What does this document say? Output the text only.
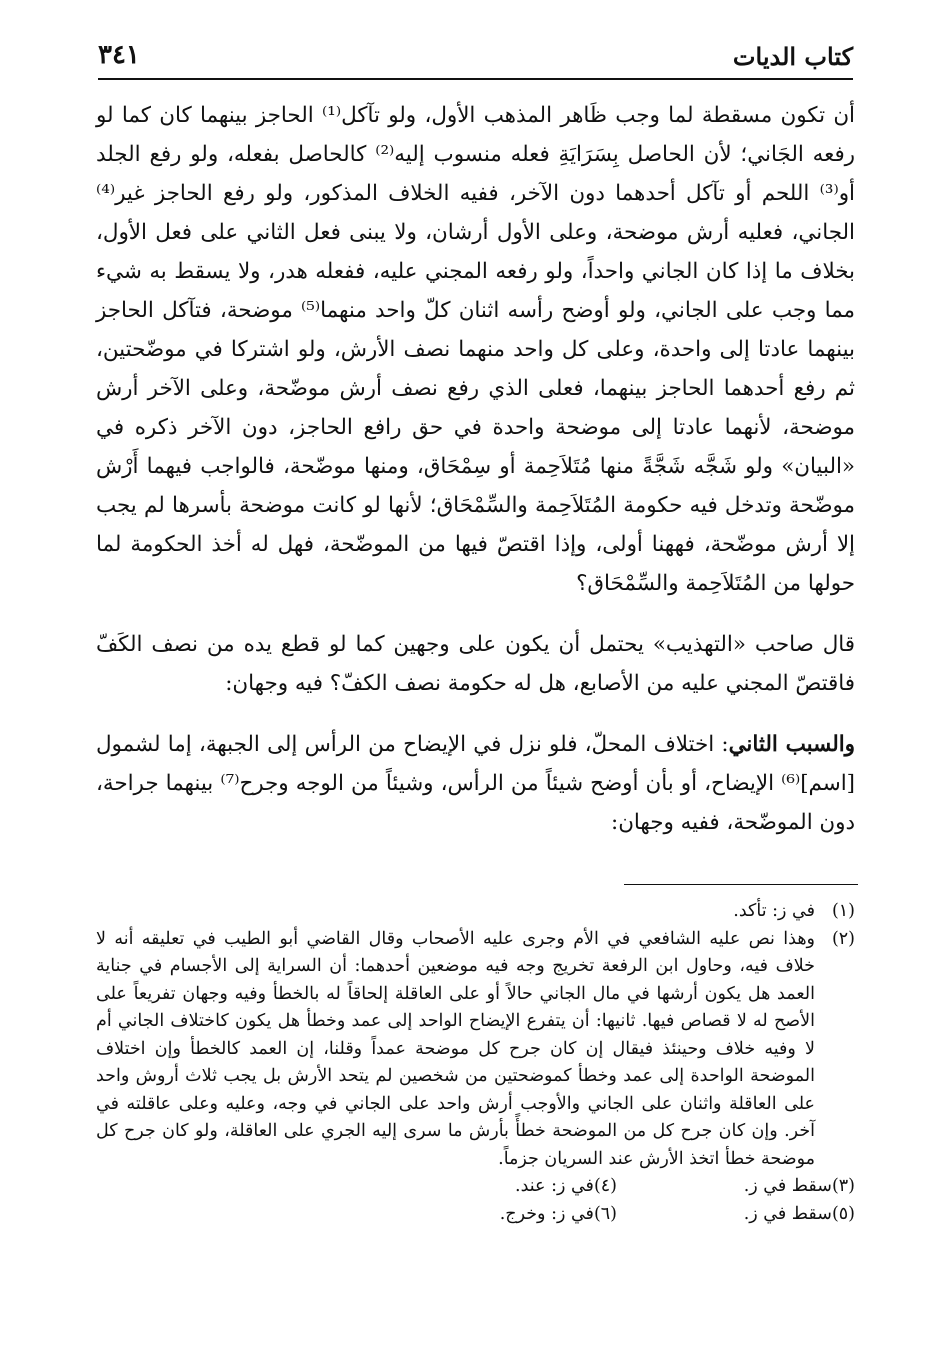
كتاب الديات
٣٤١

أن تكون مسقطة لما وجب ظَاهر المذهب الأول، ولو تآكل⁽¹⁾ الحاجز بينهما كان كما لو رفعه الجَاني؛ لأن الحاصل بِسَرَايَةِ فعله منسوب إليه⁽²⁾ كالحاصل بفعله، ولو رفع الجلد أو⁽³⁾ اللحم أو تآكل أحدهما دون الآخر، ففيه الخلاف المذكور، ولو رفع الحاجز غير⁽⁴⁾ الجاني، فعليه أرش موضحة، وعلى الأول أرشان، ولا يبنى فعل الثاني على فعل الأول، بخلاف ما إذا كان الجاني واحداً، ولو رفعه المجني عليه، ففعله هدر، ولا يسقط به شيء مما وجب على الجاني، ولو أوضح رأسه اثنان كلّ واحد منهما⁽⁵⁾ موضحة، فتآكل الحاجز بينهما عادتا إلى واحدة، وعلى كل واحد منهما نصف الأرش، ولو اشتركا في موضّحتين، ثم رفع أحدهما الحاجز بينهما، فعلى الذي رفع نصف أرش موضّحة، وعلى الآخر أرش موضحة، لأنهما عادتا إلى موضحة واحدة في حق رافع الحاجز، دون الآخر ذكره في «البيان» ولو شَجَّه شَجَّةً منها مُتَلاَحِمة أو سِمْحَاق، ومنها موضّحة، فالواجب فيهما أَرْش موضّحة وتدخل فيه حكومة المُتَلاَحِمة والسِّمْحَاق؛ لأنها لو كانت موضحة بأسرها لم يجب إلا أرش موضّحة، فههنا أولى، وإذا اقتصّ فيها من الموضّحة، فهل له أخذ الحكومة لما حولها من المُتَلاَحِمة والسِّمْحَاق؟

قال صاحب «التهذيب» يحتمل أن يكون على وجهين كما لو قطع يده من نصف الكَفّ فاقتصّ المجني عليه من الأصابع، هل له حكومة نصف الكفّ؟ فيه وجهان:

والسبب الثاني: اختلاف المحلّ، فلو نزل في الإيضاح من الرأس إلى الجبهة، إما لشمول [اسم]⁽⁶⁾ الإيضاح، أو بأن أوضح شيئاً من الرأس، وشيئاً من الوجه وجرح⁽⁷⁾ بينهما جراحة، دون الموضّحة، ففيه وجهان:

(١)
في ز: تأكد.
(٢)
وهذا نص عليه الشافعي في الأم وجرى عليه الأصحاب وقال القاضي أبو الطيب في تعليقه أنه لا خلاف فيه، وحاول ابن الرفعة تخريج وجه فيه موضعين أحدهما: أن السراية إلى الأجسام في جناية العمد هل يكون أرشها في مال الجاني حالاً أو على العاقلة إلحاقاً له بالخطأ وفيه وجهان تفريعاً على الأصح له لا قصاص فيها. ثانيها: أن يتفرع الإيضاح الواحد إلى عمد وخطأ هل يكون كاختلاف الجاني أم لا وفيه خلاف وحينئذ فيقال إن كان جرح كل موضحة عمداً وقلنا، إن العمد كالخطأ وإن اختلاف الموضحة الواحدة إلى عمد وخطأ كموضحتين من شخصين لم يتحد الأرش بل يجب ثلاث أروش واحد على العاقلة واثنان على الجاني والأوجب أرش واحد على الجاني في وجه، وعليه وعلى عاقلته في آخر. وإن كان جرح كل من الموضحة خطأً بأرش ما سرى إليه الجري على العاقلة، ولو كان جرح كل موضحة خطأ اتخذ الأرش عند السريان جزماً.
(٣)
سقط في ز.
(٤)
في ز: عند.
(٥)
سقط في ز.
(٦)
في ز: وخرج.
